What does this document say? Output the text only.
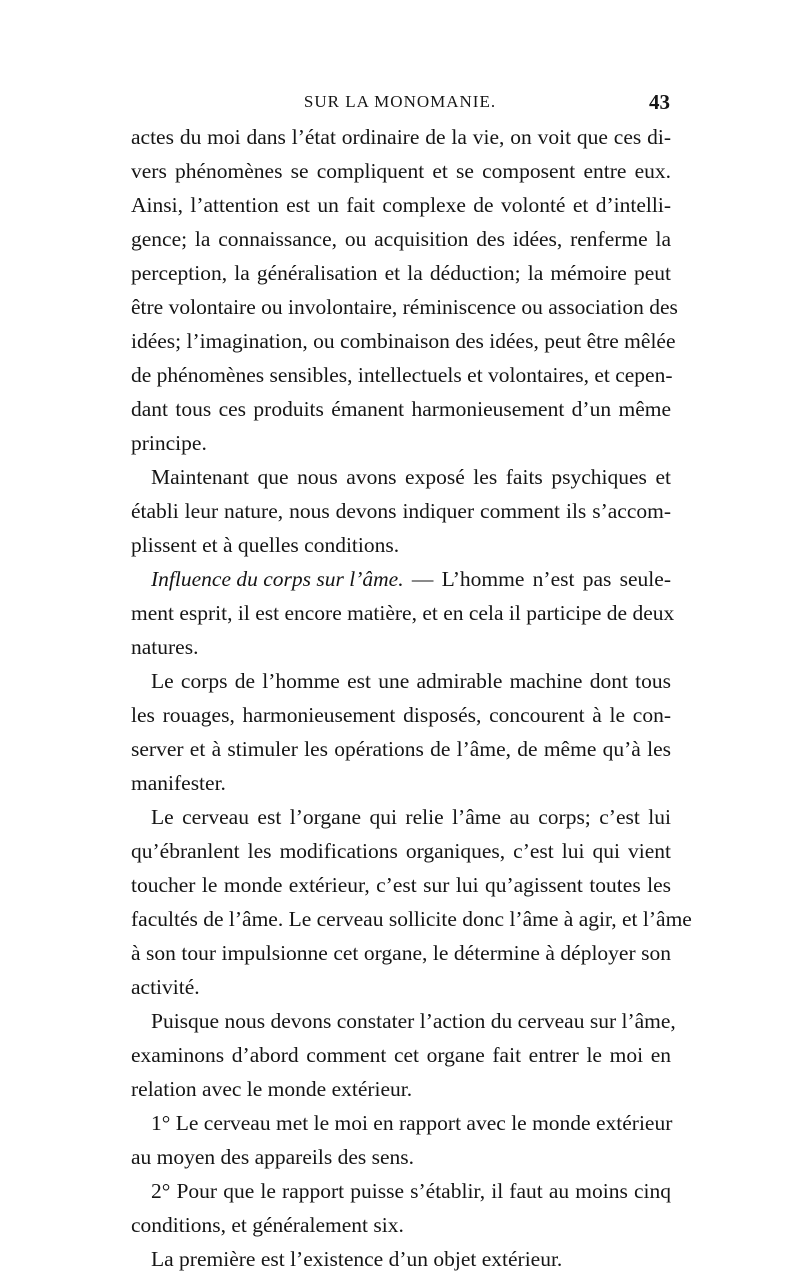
SUR LA MONOMANIE.	43
actes du moi dans l’état ordinaire de la vie, on voit que ces di-
vers phénomènes se compliquent et se composent entre eux.
Ainsi, l’attention est un fait complexe de volonté et d’intelli-
gence; la connaissance, ou acquisition des idées, renferme la
perception, la généralisation et la déduction; la mémoire peut
être volontaire ou involontaire, réminiscence ou association des
idées; l’imagination, ou combinaison des idées, peut être mêlée
de phénomènes sensibles, intellectuels et volontaires, et cepen-
dant tous ces produits émanent harmonieusement d’un même
principe.
Maintenant que nous avons exposé les faits psychiques et
établi leur nature, nous devons indiquer comment ils s’accom-
plissent et à quelles conditions.
Influence du corps sur l’âme. — L’homme n’est pas seule-
ment esprit, il est encore matière, et en cela il participe de deux
natures.
Le corps de l’homme est une admirable machine dont tous
les rouages, harmonieusement disposés, concourent à le con-
server et à stimuler les opérations de l’âme, de même qu’à les
manifester.
Le cerveau est l’organe qui relie l’âme au corps; c’est lui
qu’ébranlent les modifications organiques, c’est lui qui vient
toucher le monde extérieur, c’est sur lui qu’agissent toutes les
facultés de l’âme. Le cerveau sollicite donc l’âme à agir, et l’âme
à son tour impulsionne cet organe, le détermine à déployer son
activité.
Puisque nous devons constater l’action du cerveau sur l’âme,
examinons d’abord comment cet organe fait entrer le moi en
relation avec le monde extérieur.
1° Le cerveau met le moi en rapport avec le monde extérieur
au moyen des appareils des sens.
2° Pour que le rapport puisse s’établir, il faut au moins cinq
conditions, et généralement six.
La première est l’existence d’un objet extérieur.
